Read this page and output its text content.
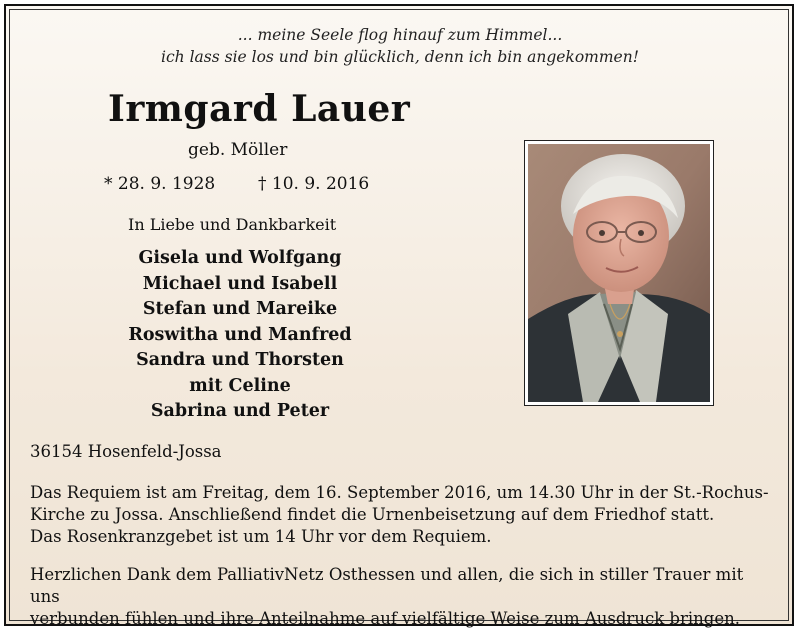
... meine Seele flog hinauf zum Himmel...
ich lass sie los und bin glücklich, denn ich bin angekommen!
Irmgard Lauer
geb. Möller
* 28. 9. 1928	† 10. 9. 2016
In Liebe und Dankbarkeit
Gisela und Wolfgang
Michael und Isabell
Stefan und Mareike
Roswitha und Manfred
Sandra und Thorsten
mit Celine
Sabrina und Peter
36154 Hosenfeld-Jossa
Das Requiem ist am Freitag, dem 16. September 2016, um 14.30 Uhr in der St.-Rochus-
Kirche zu Jossa. Anschließend findet die Urnenbeisetzung auf dem Friedhof statt.
Das Rosenkranzgebet ist um 14 Uhr vor dem Requiem.
Herzlichen Dank dem PalliativNetz Osthessen und allen, die sich in stiller Trauer mit uns
verbunden fühlen und ihre Anteilnahme auf vielfältige Weise zum Ausdruck bringen.
